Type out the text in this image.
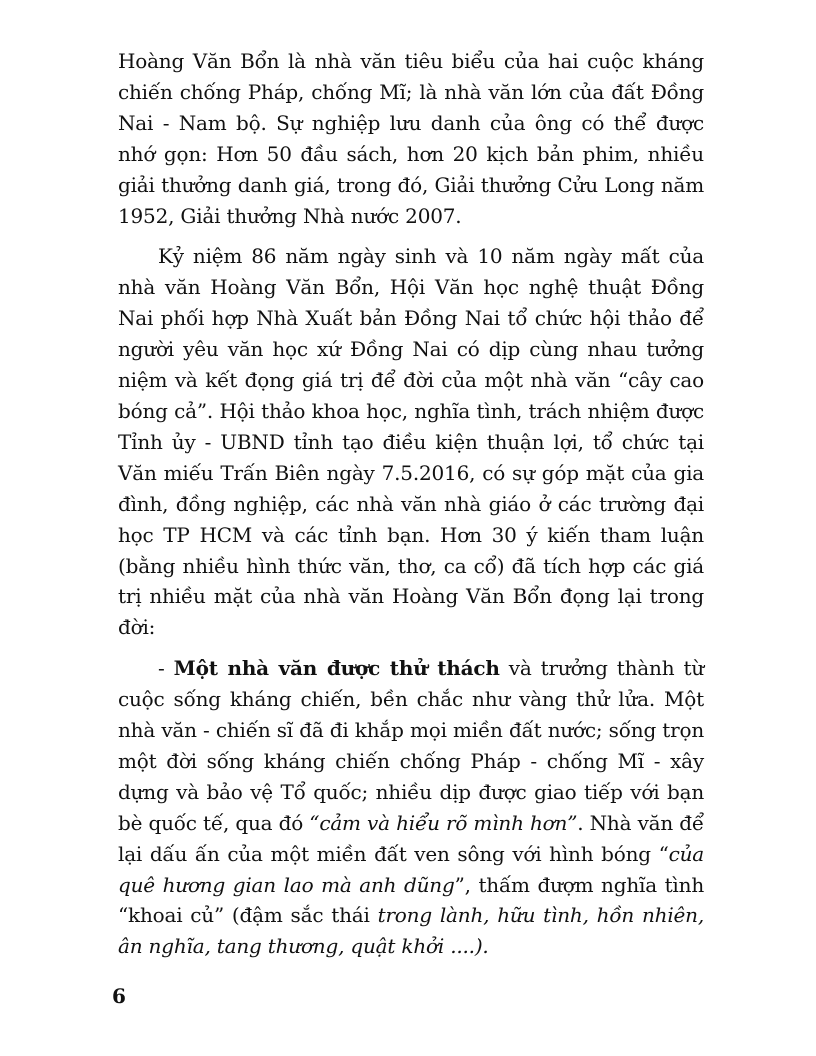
Hoàng Văn Bổn là nhà văn tiêu biểu của hai cuộc kháng chiến chống Pháp, chống Mĩ; là nhà văn lớn của đất Đồng Nai - Nam bộ. Sự nghiệp lưu danh của ông có thể được nhớ gọn: Hơn 50 đầu sách, hơn 20 kịch bản phim, nhiều giải thưởng danh giá, trong đó, Giải thưởng Cửu Long năm 1952, Giải thưởng Nhà nước 2007.

Kỷ niệm 86 năm ngày sinh và 10 năm ngày mất của nhà văn Hoàng Văn Bổn, Hội Văn học nghệ thuật Đồng Nai phối hợp Nhà Xuất bản Đồng Nai tổ chức hội thảo để người yêu văn học xứ Đồng Nai có dịp cùng nhau tưởng niệm và kết đọng giá trị để đời của một nhà văn “cây cao bóng cả”. Hội thảo khoa học, nghĩa tình, trách nhiệm được Tỉnh ủy - UBND tỉnh tạo điều kiện thuận lợi, tổ chức tại Văn miếu Trấn Biên ngày 7.5.2016, có sự góp mặt của gia đình, đồng nghiệp, các nhà văn nhà giáo ở các trường đại học TP HCM và các tỉnh bạn. Hơn 30 ý kiến tham luận (bằng nhiều hình thức văn, thơ, ca cổ) đã tích hợp các giá trị nhiều mặt của nhà văn Hoàng Văn Bổn đọng lại trong đời:

- Một nhà văn được thử thách và trưởng thành từ cuộc sống kháng chiến, bền chắc như vàng thử lửa. Một nhà văn - chiến sĩ đã đi khắp mọi miền đất nước; sống trọn một đời sống kháng chiến chống Pháp - chống Mĩ - xây dựng và bảo vệ Tổ quốc; nhiều dịp được giao tiếp với bạn bè quốc tế, qua đó “cảm và hiểu rõ mình hơn”. Nhà văn để lại dấu ấn của một miền đất ven sông với hình bóng “của quê hương gian lao mà anh dũng”, thấm đượm nghĩa tình “khoai củ” (đậm sắc thái trong lành, hữu tình, hồn nhiên, ân nghĩa, tang thương, quật khởi ....).

6
